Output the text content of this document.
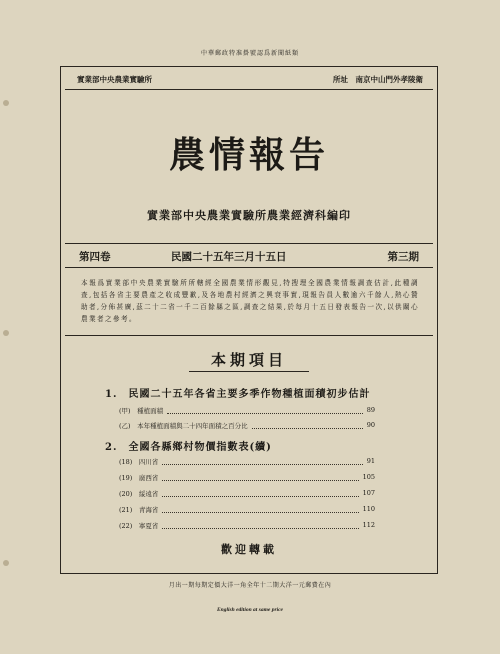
中華郵政特准掛號認爲新聞紙類
實業部中央農業實驗所	所址　南京中山門外孝陵衛
農情報告
實業部中央農業實驗所農業經濟科編印
第四卷	民國二十五年三月十五日	第三期
本報爲實業部中央農業實驗所所轄經全國農業情形觀見,特搜理全國農業情報調查估計,此種調查,包括各省主要農產之收成豐歉,及各地農村經濟之興衰事實,現報告員人數逾六千餘人,熱心贊助者,分佈甚廣,茲二十二省一千二百餘縣之區,調查之結果,於每月十五日發表報告一次,以供關心農業者之參考。
本期項目
1.　民國二十五年各省主要多季作物種植面積初步估計
(甲)　種植面積	89
(乙)　本年種植面積與二十四年面積之百分比	90
2.　全國各縣鄉村物價指數表(續)
(18)　四川省	91
(19)　廣西省	105
(20)　綏遠省	107
(21)　青海省	110
(22)　寧夏省	112
歡迎轉載
月出一期每期定價大洋一角全年十二期大洋一元郵費在內
English edition at same price
